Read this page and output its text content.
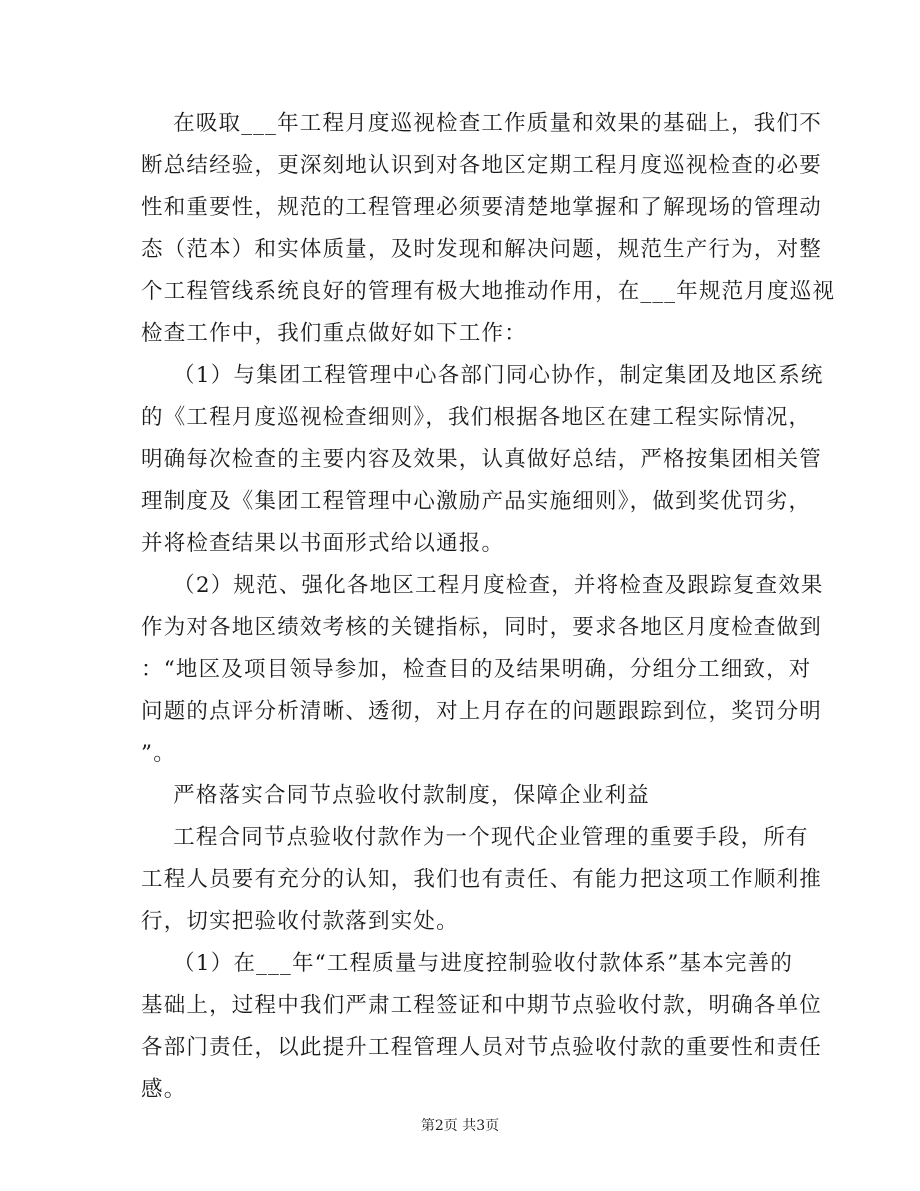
在吸取___年工程月度巡视检查工作质量和效果的基础上，我们不
断总结经验，更深刻地认识到对各地区定期工程月度巡视检查的必要
性和重要性，规范的工程管理必须要清楚地掌握和了解现场的管理动
态（范本）和实体质量，及时发现和解决问题，规范生产行为，对整
个工程管线系统良好的管理有极大地推动作用，在___年规范月度巡视
检查工作中，我们重点做好如下工作：
（1）与集团工程管理中心各部门同心协作，制定集团及地区系统
的《工程月度巡视检查细则》，我们根据各地区在建工程实际情况，
明确每次检查的主要内容及效果，认真做好总结，严格按集团相关管
理制度及《集团工程管理中心激励产品实施细则》，做到奖优罚劣，
并将检查结果以书面形式给以通报。
（2）规范、强化各地区工程月度检查，并将检查及跟踪复查效果
作为对各地区绩效考核的关键指标，同时，要求各地区月度检查做到
：“地区及项目领导参加，检查目的及结果明确，分组分工细致，对
问题的点评分析清晰、透彻，对上月存在的问题跟踪到位，奖罚分明
”。
严格落实合同节点验收付款制度，保障企业利益
工程合同节点验收付款作为一个现代企业管理的重要手段，所有
工程人员要有充分的认知，我们也有责任、有能力把这项工作顺利推
行，切实把验收付款落到实处。
（1）在___年“工程质量与进度控制验收付款体系”基本完善的
基础上，过程中我们严肃工程签证和中期节点验收付款，明确各单位
各部门责任，以此提升工程管理人员对节点验收付款的重要性和责任
感。
第2页 共3页
